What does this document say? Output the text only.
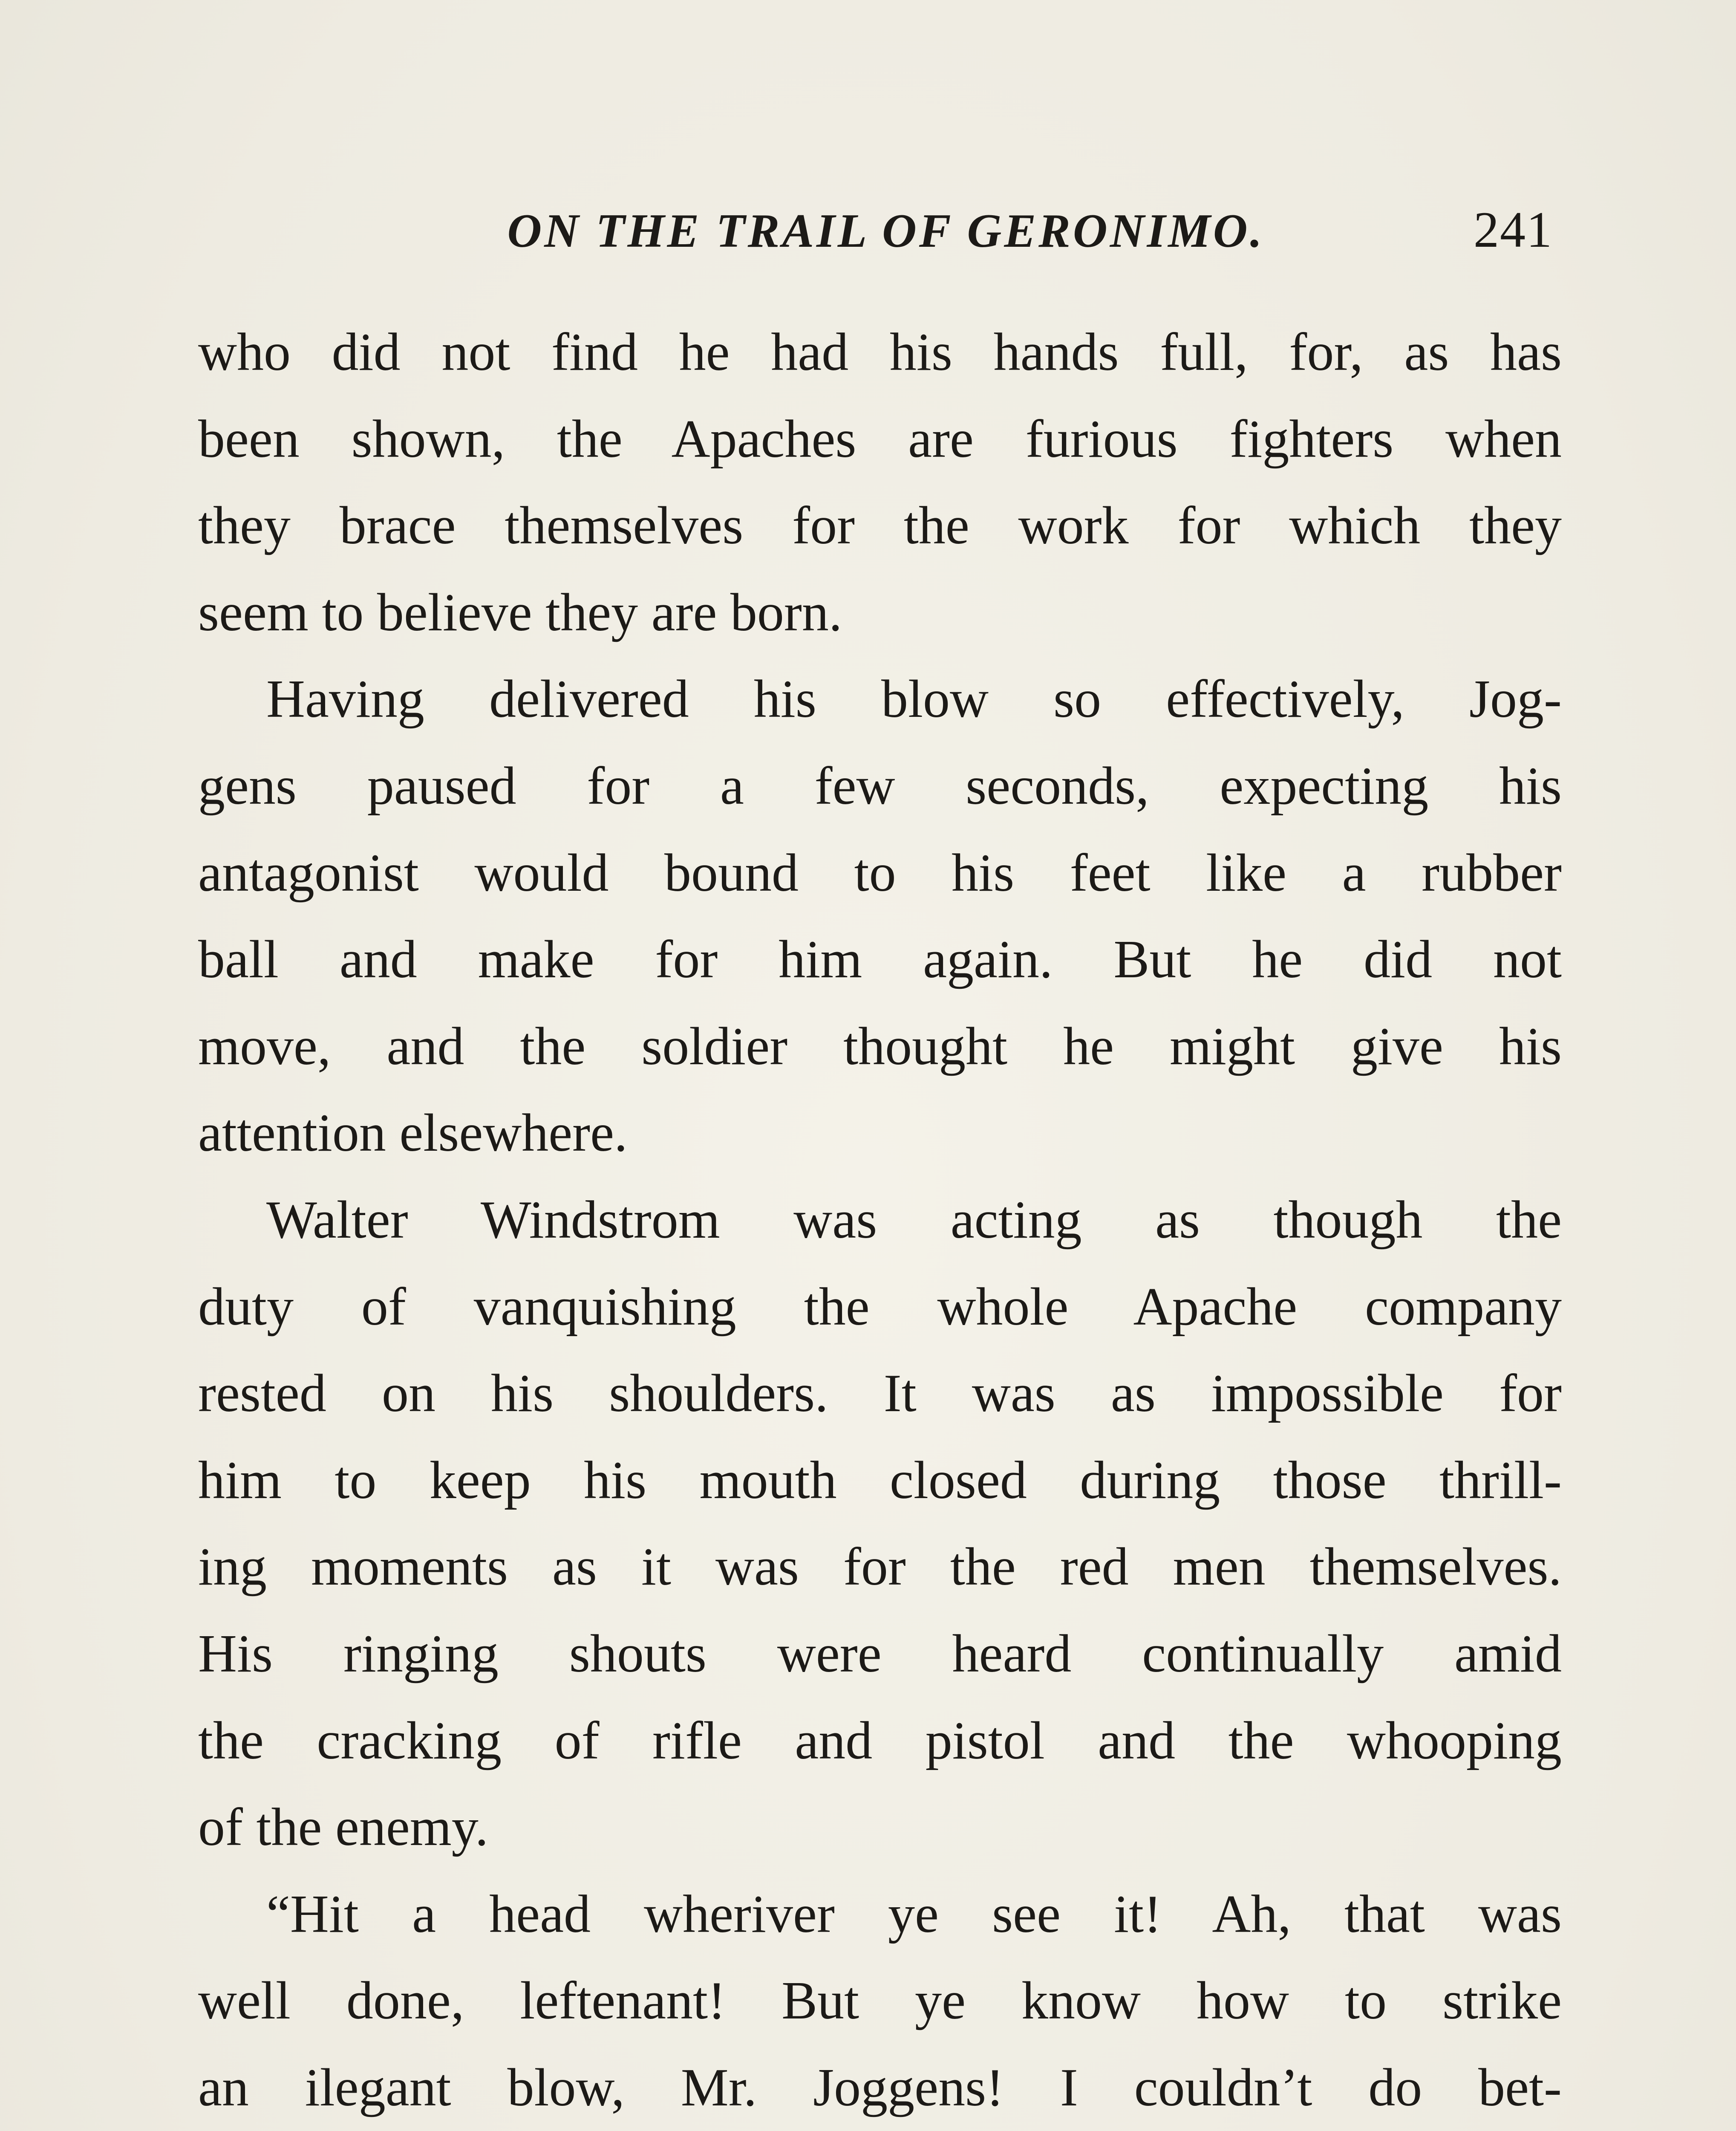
ON THE TRAIL OF GERONIMO.	241
who did not find he had his hands full, for, as has
been shown, the Apaches are furious fighters when
they brace themselves for the work for which they
seem to believe they are born.
Having delivered his blow so effectively, Jog-
gens paused for a few seconds, expecting his
antagonist would bound to his feet like a rubber
ball and make for him again. But he did not
move, and the soldier thought he might give his
attention elsewhere.
Walter Windstrom was acting as though the
duty of vanquishing the whole Apache company
rested on his shoulders. It was as impossible for
him to keep his mouth closed during those thrill-
ing moments as it was for the red men themselves.
His ringing shouts were heard continually amid
the cracking of rifle and pistol and the whooping
of the enemy.
“Hit a head wheriver ye see it! Ah, that was
well done, leftenant! But ye know how to strike
an ilegant blow, Mr. Joggens! I couldn’t do bet-
